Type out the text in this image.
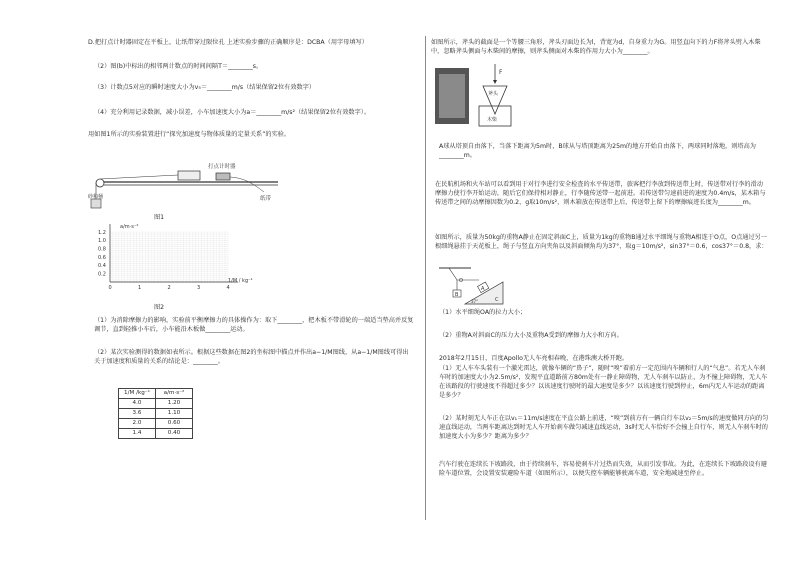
D.把打点计时器固定在平板上，让纸带穿过限位孔 上述实验步骤的正确顺序是：DCBA（用字母填写）
（2）图(b)中标出的相邻两计数点的时间间隔T＝________s。
（3）计数点5对应的瞬时速度大小为v₅＝________m/s（结果保留2位有效数字）
（4）充分利用记录数据，减小误差，小车加速度大小为a＝________m/s²（结果保留2位有效数字）。
用如图1所示的实验装置进行“探究加速度与物体质量的定量关系”的实验。
打点计时器
纸带
砂和桶
图1
0	1	2	3	4
0.2
0.4
0.6
0.8
1.0
1.2
a/m·s⁻²
1/M / kg⁻¹
图2
（1）为消除摩擦力的影响，实验前平衡摩擦力的具体操作为：取下________，把木板不带滑轮的一端适当垫高并反复调节，直到轻推小车后，小车能沿木板做________运动。
（2）某次实验测得的数据如表所示。根据这些数据在图2的坐标图中描点并作出a−1/M图线，从a−1/M图线可得出关于加速度和质量的关系的结论是：________。
1/M /kg⁻¹	a/m·s⁻²
4.0	1.20
3.6	1.10
2.0	0.60
1.4	0.40
如图所示，斧头的截面是一个等腰三角形，斧头刃面边长为l，背宽为d，自身重力为G。用竖直向下的力F将斧头劈入木柴中，忽略斧头侧面与木柴间的摩擦，则斧头侧面对木柴的作用力大小为________。
F
斧头
木柴
A球从塔顶自由落下，当落下距离为5m时，B球从与塔顶距离为25m的地方开始自由落下，两球同时落地，则塔高为________m。
在民航机场和火车站可以看到用于对行李进行安全检查的水平传送带，旅客把行李放到传送带上时，传送带对行李的滑动摩擦力使行李开始运动，随后它们保持相对静止，行李随传送带一起前进。若传送带匀速前进的速度为0.4m/s，某木箱与传送带之间的动摩擦因数为0.2，g取10m/s²，则木箱放在传送带上后，传送带上留下的摩擦痕迹长度为________m。
如图所示，质量为50kg的重物A静止在固定斜面C上，质量为1kg的重物B通过水平细绳与重物A相连于O点，O点通过另一根细绳悬挂于天花板上，绳子与竖直方向夹角以及斜面倾角均为37°，取g＝10m/s²，sin37°＝0.6，cos37°＝0.8，求：
O
B
A
C
37°
（1）水平细绳OA的拉力大小；
（2）重物A对斜面C的压力大小及重物A受到的摩擦力大小和方向。
2018年2月15日，百度Apollo无人车亮相春晚，在港珠澳大桥开跑。
（1）无人车车头装有一个激光雷达，就像车辆的“鼻子”，随时“嗅”着前方一定范围内车辆和行人的“气息”。若无人车刹车时的加速度大小为2.5m/s²，发现平直道路前方80m处有一静止障碍物，无人车刹车以防止，为不撞上障碍物，无人车在该路段的行驶速度不得超过多少？以该速度行驶时的最大速度是多少？以该速度行驶到停止，6m内无人车运动的距离是多少？
（2）某时刻无人车正在以v₁＝11m/s速度在平直公路上前进，“嗅”到前方有一辆自行车以v₂＝5m/s的速度做同方向的匀速直线运动，当两车距离达到时无人车开始刹车做匀减速直线运动，3s时无人车恰好不会撞上自行车，则无人车刹车时的加速度大小为多少？距离为多少？
汽车行驶在连续长下坡路段，由于持续刹车，容易使刹车片过热而失效，从而引发事故。为此，在连续长下坡路段设有避险车道位置，会设置安装避险车道（如图所示），以便失控车辆能够驶离车道，安全地减速至停止。
